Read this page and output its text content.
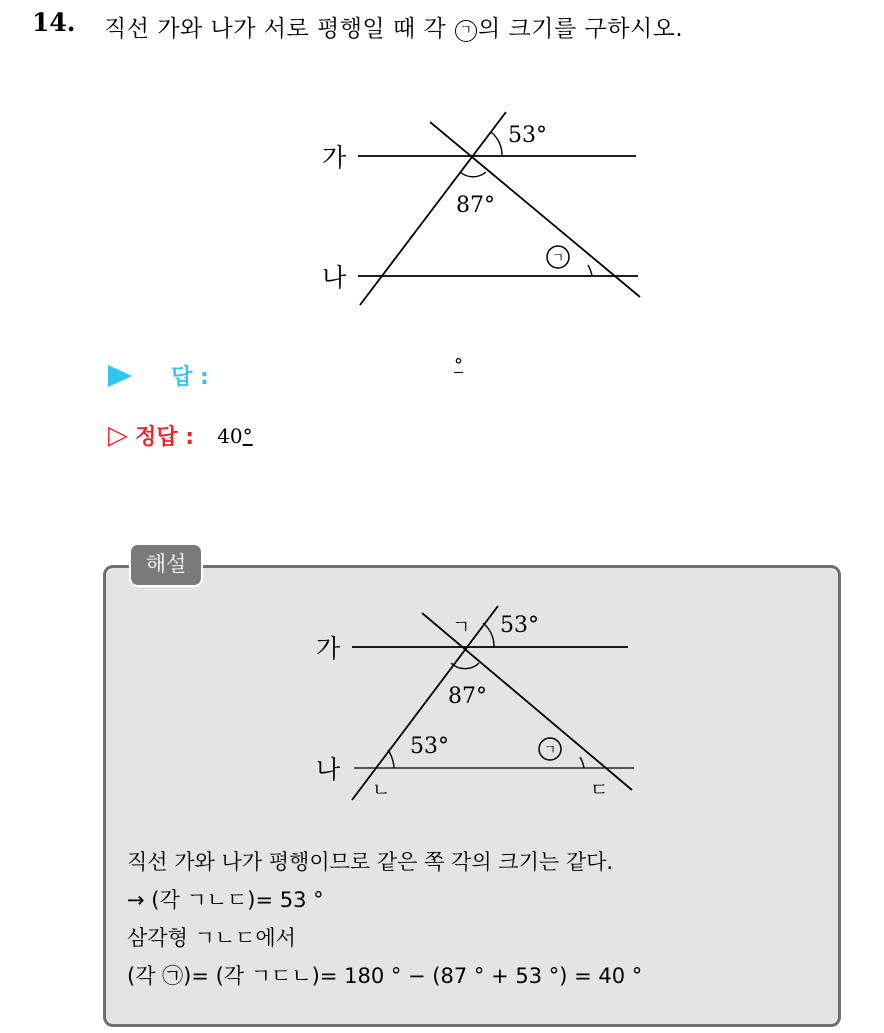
14. 직선 가와 나가 서로 평행일 때 각 ㄱ 의 크기를 구하시오.
가
나
53°
87°
ㄱ
답 :	°
▷ 정답 : 40°
해설
가
나
53°
87°
53°
ㄱ
ㄴ	ㄷ
ㄱ
직선 가와 나가 평행이므로 같은 쪽 각의 크기는 같다.
→ (각 ㄱㄴㄷ)= 53 °
삼각형 ㄱㄴㄷ에서
(각 ㉠)= (각 ㄱㄷㄴ)= 180 ° − (87 ° + 53 °) = 40 °
